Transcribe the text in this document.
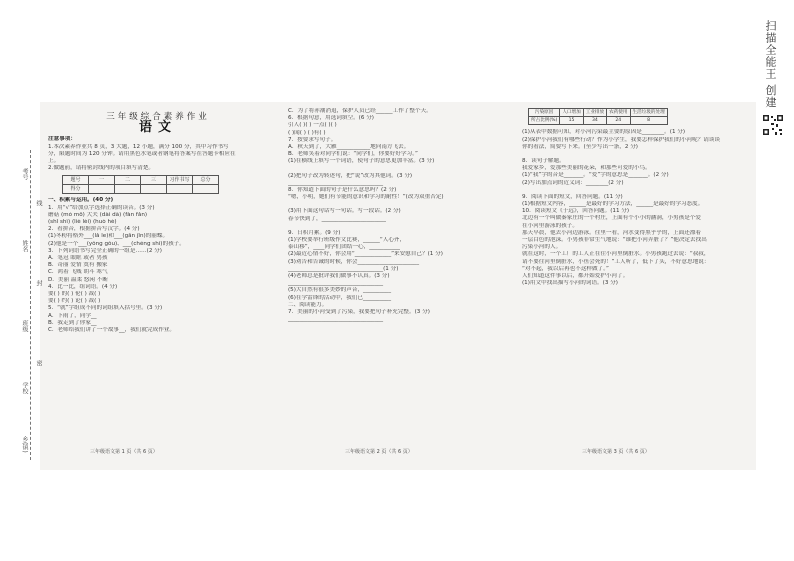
考号
姓名
班级
学校
乡(镇)
线
封
密
三年级综合素养作业
语文
注意事项：
1.本次素养作业共 8 页，3 大题，12 小题，满分 100 分，其中习作书写
分，限题时间为 120 分钟。请用黑色水笔或者钢笔将答案写在答题卡相应在
上。
2.做题前，请将密封线内的项目填写清楚。
题号	一	二	三	习作书写	总分
得分					
一、积累与运用。(40 分)
1．用“√”给加点字选择正确的读音。(3 分)
蘑菇 (mó mō) 大夫 (dài dà) (fàn fǎn)
(shǐ shì) (liè lèi) (huò hè)
2．看拼音，根据拼音写汉字。(4 分)
(1)冬粉将格外___(lǎ le)和___(gān jīn)的丽蝶。
(2)他是一个___(yǒng gǒu)、___(chéng shí)的孩子。
3．下列词语书写完全正确的一组是……(2 分)
A．笔冠 眼眶 或者 男孩
B．奇丽 爱情 寞有 搬家
C．鸿着 飞贱 胡斗 寒气
D．美丽 温柔 悠闲 不断
4．比一比，组词语。(4 分)
要( ) 的( ) 伦( ) 裁( )
要( ) 约( ) 论( ) 裁( )
5．“就”字组成不同的词组填入括号里。(3 分)
A．下雨了，同学__
B．我走到了你家__
C．老师给我们讲了一个故事__，我们就完成作业。
三年级语文第 1 页（共 6 页）
C．为了将赤潮消退，保护人员已经______工作了整个天。
6．根据句意，用选词填空。(6 分)
引人( )( ) 一点( )( )
( )闻( ) ( )有( )
7．按要求写句子。
A．秋天到了，大雁____________地向南方飞去。
B．老师笑着对同学们说：“同学们，你要好好学习。”
(1)在横线上填写一个词语，使句子的意思更加丰富。(3 分)
(2)把句子改为转述句，把“说”改为其他词。(3 分)
__________________________________
8．你知道下面的句子是什么意思吗？(2 分)
“嗯，小明，她们有节能的意识和学习的耐性！”(改为双重否定)
(3)用下面这句话写一句话。写一段话。(2 分)
春节快到了，_______________________
9．日积月累。(9 分)
(1)学校要举行班级作文比赛，______“人心齐，
泰山移”，____同学们团结一心，___________
(2)最近心情不好，你会用“_____________”来安慰自己？(1 分)
(3)劝告和告诫的时候，你会______________________
__________________________________(1 分)
(4)老师总是批评我们做事不认真。(3 分)
__________________________________
(5)大自然有很多美妙的声音，__________
(6)在学雷锋的活动中，我们已__________
二、阅读能力。
7．美丽的小河受到了污染，我要把句子补充完整。(3 分)
__________________________________
三年级语文第 2 页（共 6 页）
污染原因	人口增加	工业排放	农药使用	生活垃圾的处理
所占比例(%)	15	34	24	8
(1)从表中数据可知，对小河污染最主要的原因是________。(1 分)
(2)保护小河我们有哪些行动？作为小学生，我要怎样保护我们的小河呢？请谈谈
你的看法，简要写下来。(至少写出一条，2 分)
8．读句子解题。
我爱家乡，爱那些美丽的花朵，和那些可爱的小鸟。
(1)“我”字的音是_______。“爱”字的意思是_______。(2 分)
(2)写出加点词的近义词：________(2 分)
9．阅读下面的短文，回答问题。(11 分)
(1)根据短文内容，______是最好的学习方法，______是最好的学习态度。
10．阅读短文《于远》，回答问题。(11 分)
北边有一个叫做秦家庄的一个村庄，上面有个小小的涵洞，小男孩是个爱
在小河里游泳的孩子。
那天早晨，他去小河边游泳。往里一看，河水变得黑乎乎的，上面还漂着
一层白色的泡沫。小男孩非常生气地说：“谁把小河弄脏了？”他决定去找出
污染小河的人。
就在这时，一个工厂的工人正在往小河里倒脏水。小男孩跑过去说：“叔叔，
请不要往河里倒脏水，小鱼会死的！”工人听了，低下了头，不好意思地说：
“对不起，我以后再也不这样做了。”
人们知道这件事以后，都开始爱护小河了。
(1)用文中找出描写小河的词语。(3 分)
三年级语文第 3 页（共 6 页）
扫描全能王 创建
